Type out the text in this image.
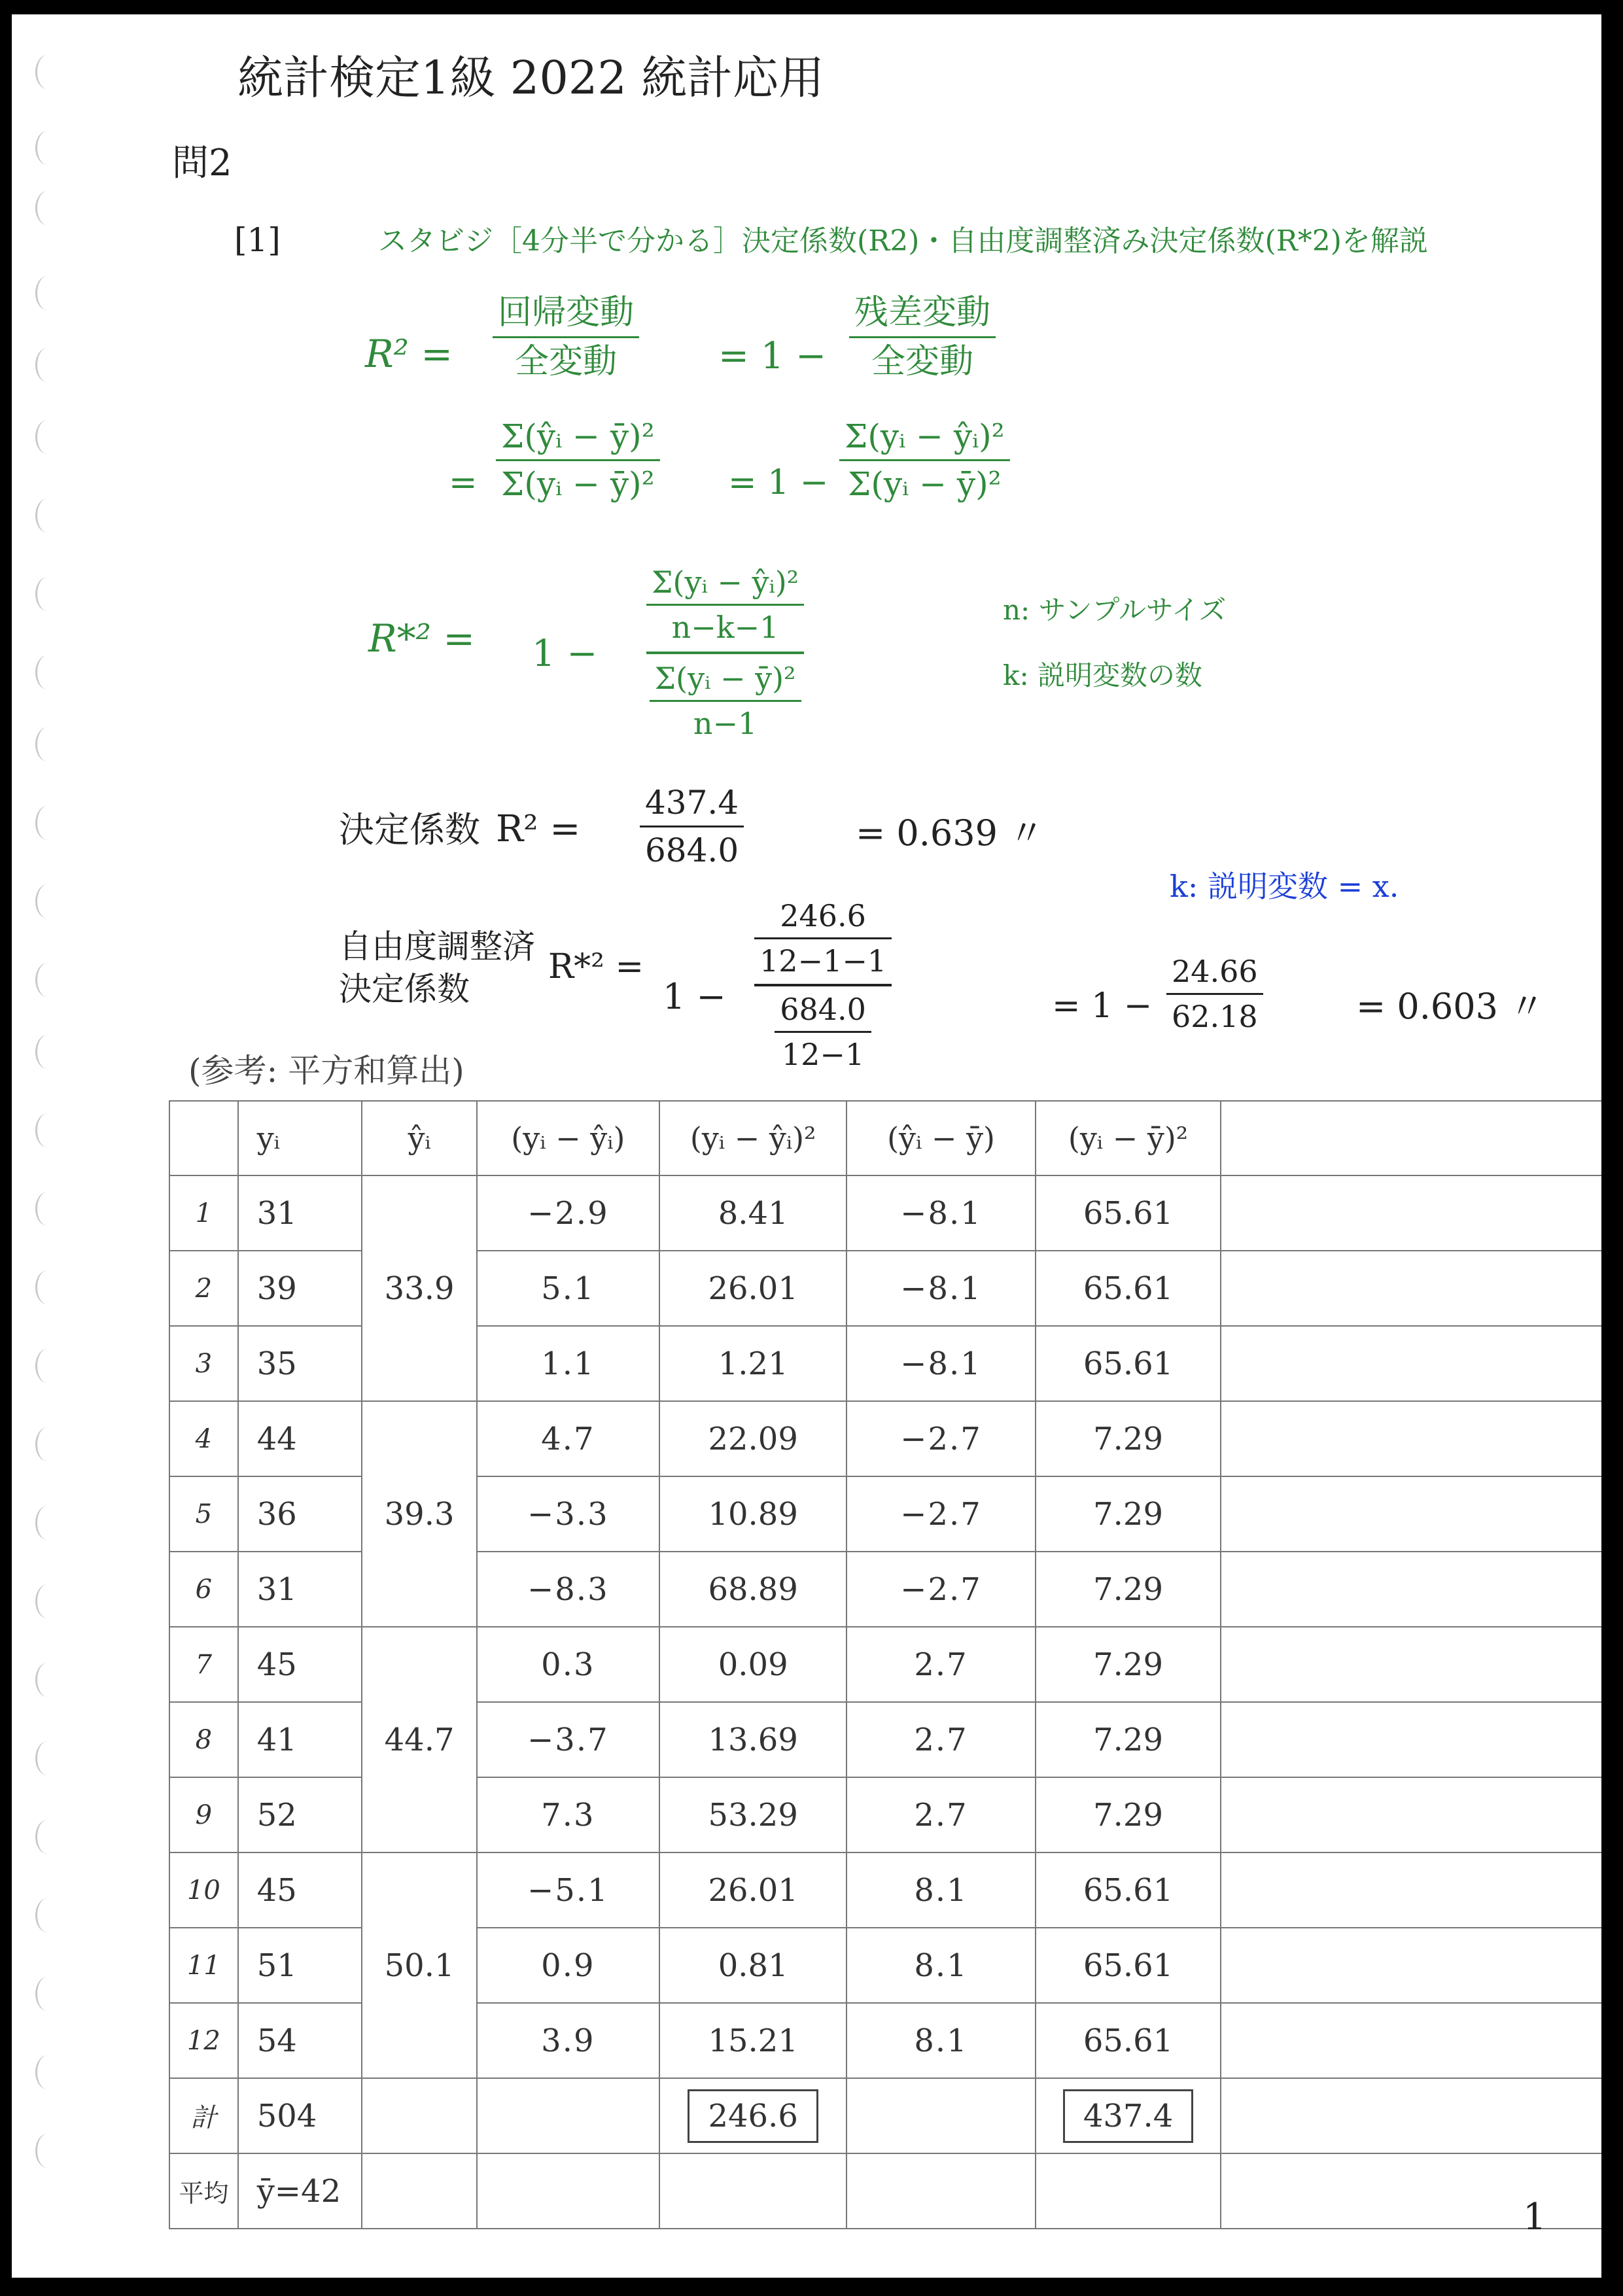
統計検定1級 2022 統計応用
問2
[1]	スタビジ［4分半で分かる］決定係数(R2)・自由度調整済み決定係数(R*2)を解説
R² =
回帰変動
全変動	= 1 −
残差変動
全変動
=
Σ(ŷᵢ − ȳ)²
Σ(yᵢ − ȳ)² = 1 −
Σ(yᵢ − ŷᵢ)²
Σ(yᵢ − ȳ)²
R*² = 1 −
$\frac{\text{Σ(yᵢ − ŷᵢ)²}}{n-k-1}$
$\frac{\text{Σ(yᵢ − ȳ)²}}{n-1}$
n: サンプルサイズ
k: 説明変数の数
決定係数 R² =
437.4
684.0	= 0.639 〃
k: 説明変数 = x.
自由度調整済
決定係数
R*² =
1 −
$\frac{246.6}{12-1-1}$
$\frac{684.0}{12-1}$	= 1 −
24.66
62.18	= 0.603 〃
(参考: 平方和算出)
	yᵢ	ŷᵢ	(yᵢ − ŷᵢ)	(yᵢ − ŷᵢ)²	(ŷᵢ − ȳ)	(yᵢ − ȳ)²	
1	31	33.9	−2.9	8.41	−8.1	65.61	
2	39		5.1	26.01	−8.1	65.61	
3	35		1.1	1.21	−8.1	65.61	
4	44	39.3	4.7	22.09	−2.7	7.29	
5	36		−3.3	10.89	−2.7	7.29	
6	31		−8.3	68.89	−2.7	7.29	
7	45	44.7	0.3	0.09	2.7	7.29	
8	41		−3.7	13.69	2.7	7.29	
9	52		7.3	53.29	2.7	7.29	
10	45	50.1	−5.1	26.01	8.1	65.61	
11	51		0.9	0.81	8.1	65.61	
12	54		3.9	15.21	8.1	65.61	
計	504			246.6		437.4	
平均	ȳ=42						
1
